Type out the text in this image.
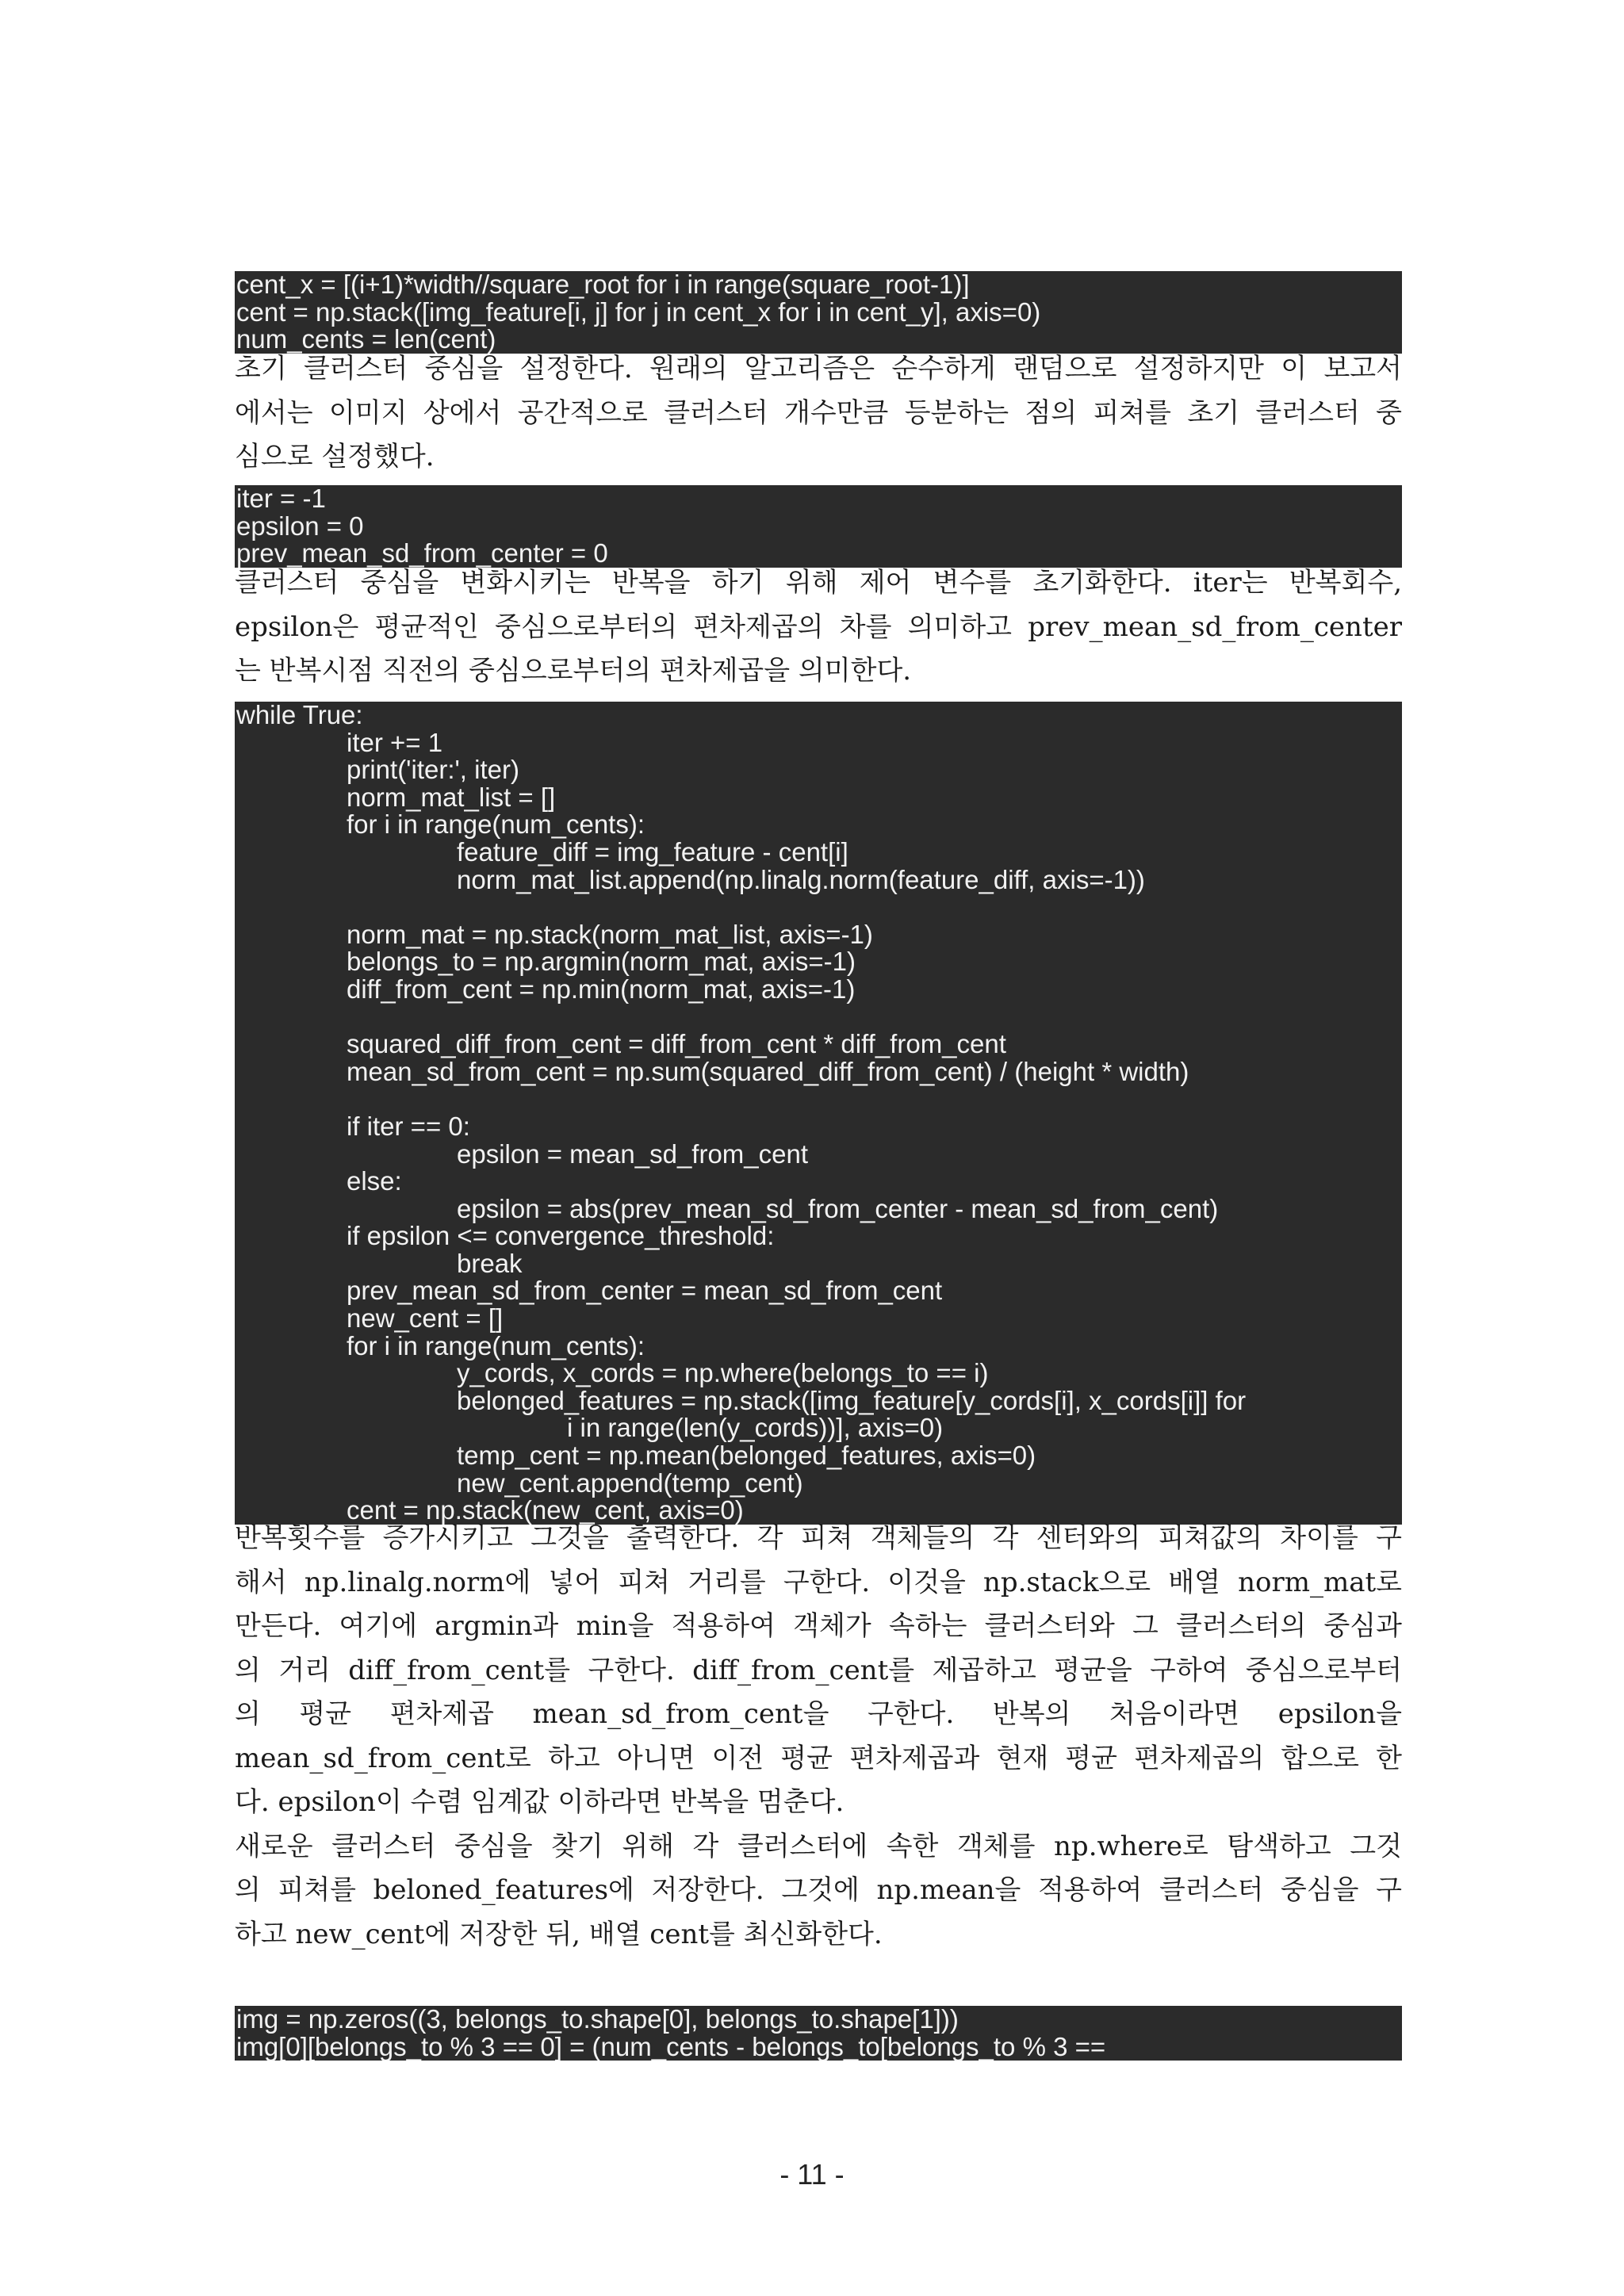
cent_x = [(i+1)*width//square_root for i in range(square_root-1)]
cent = np.stack([img_feature[i, j] for j in cent_x for i in cent_y], axis=0)
num_cents = len(cent)
초기 클러스터 중심을 설정한다. 원래의 알고리즘은 순수하게 랜덤으로 설정하지만 이 보고서
에서는 이미지 상에서 공간적으로 클러스터 개수만큼 등분하는 점의 피쳐를 초기 클러스터 중
심으로 설정했다.
iter = -1
epsilon = 0
prev_mean_sd_from_center = 0
클러스터 중심을 변화시키는 반복을 하기 위해 제어 변수를 초기화한다. iter는 반복회수,
epsilon은 평균적인 중심으로부터의 편차제곱의 차를 의미하고 prev_mean_sd_from_center
는 반복시점 직전의 중심으로부터의 편차제곱을 의미한다.
while True:
iter += 1
print('iter:', iter)
norm_mat_list = []
for i in range(num_cents):
feature_diff = img_feature - cent[i]
norm_mat_list.append(np.linalg.norm(feature_diff, axis=-1))

norm_mat = np.stack(norm_mat_list, axis=-1)
belongs_to = np.argmin(norm_mat, axis=-1)
diff_from_cent = np.min(norm_mat, axis=-1)

squared_diff_from_cent = diff_from_cent * diff_from_cent
mean_sd_from_cent = np.sum(squared_diff_from_cent) / (height * width)

if iter == 0:
epsilon = mean_sd_from_cent
else:
epsilon = abs(prev_mean_sd_from_center - mean_sd_from_cent)
if epsilon <= convergence_threshold:
break
prev_mean_sd_from_center = mean_sd_from_cent
new_cent = []
for i in range(num_cents):
y_cords, x_cords = np.where(belongs_to == i)
belonged_features = np.stack([img_feature[y_cords[i], x_cords[i]] for
i in range(len(y_cords))], axis=0)
temp_cent = np.mean(belonged_features, axis=0)
new_cent.append(temp_cent)
cent = np.stack(new_cent, axis=0)
반복횟수를 증가시키고 그것을 출력한다. 각 피쳐 객체들의 각 센터와의 피쳐값의 차이를 구
해서 np.linalg.norm에 넣어 피쳐 거리를 구한다. 이것을 np.stack으로 배열 norm_mat로
만든다. 여기에 argmin과 min을 적용하여 객체가 속하는 클러스터와 그 클러스터의 중심과
의 거리 diff_from_cent를 구한다. diff_from_cent를 제곱하고 평균을 구하여 중심으로부터
의 평균 편차제곱 mean_sd_from_cent을 구한다. 반복의 처음이라면 epsilon을
mean_sd_from_cent로 하고 아니면 이전 평균 편차제곱과 현재 평균 편차제곱의 합으로 한
다. epsilon이 수렴 임계값 이하라면 반복을 멈춘다.
새로운 클러스터 중심을 찾기 위해 각 클러스터에 속한 객체를 np.where로 탐색하고 그것
의 피쳐를 beloned_features에 저장한다. 그것에 np.mean을 적용하여 클러스터 중심을 구
하고 new_cent에 저장한 뒤, 배열 cent를 최신화한다.
img = np.zeros((3, belongs_to.shape[0], belongs_to.shape[1]))
img[0][belongs_to % 3 == 0] = (num_cents - belongs_to[belongs_to % 3 ==
- 11 -
